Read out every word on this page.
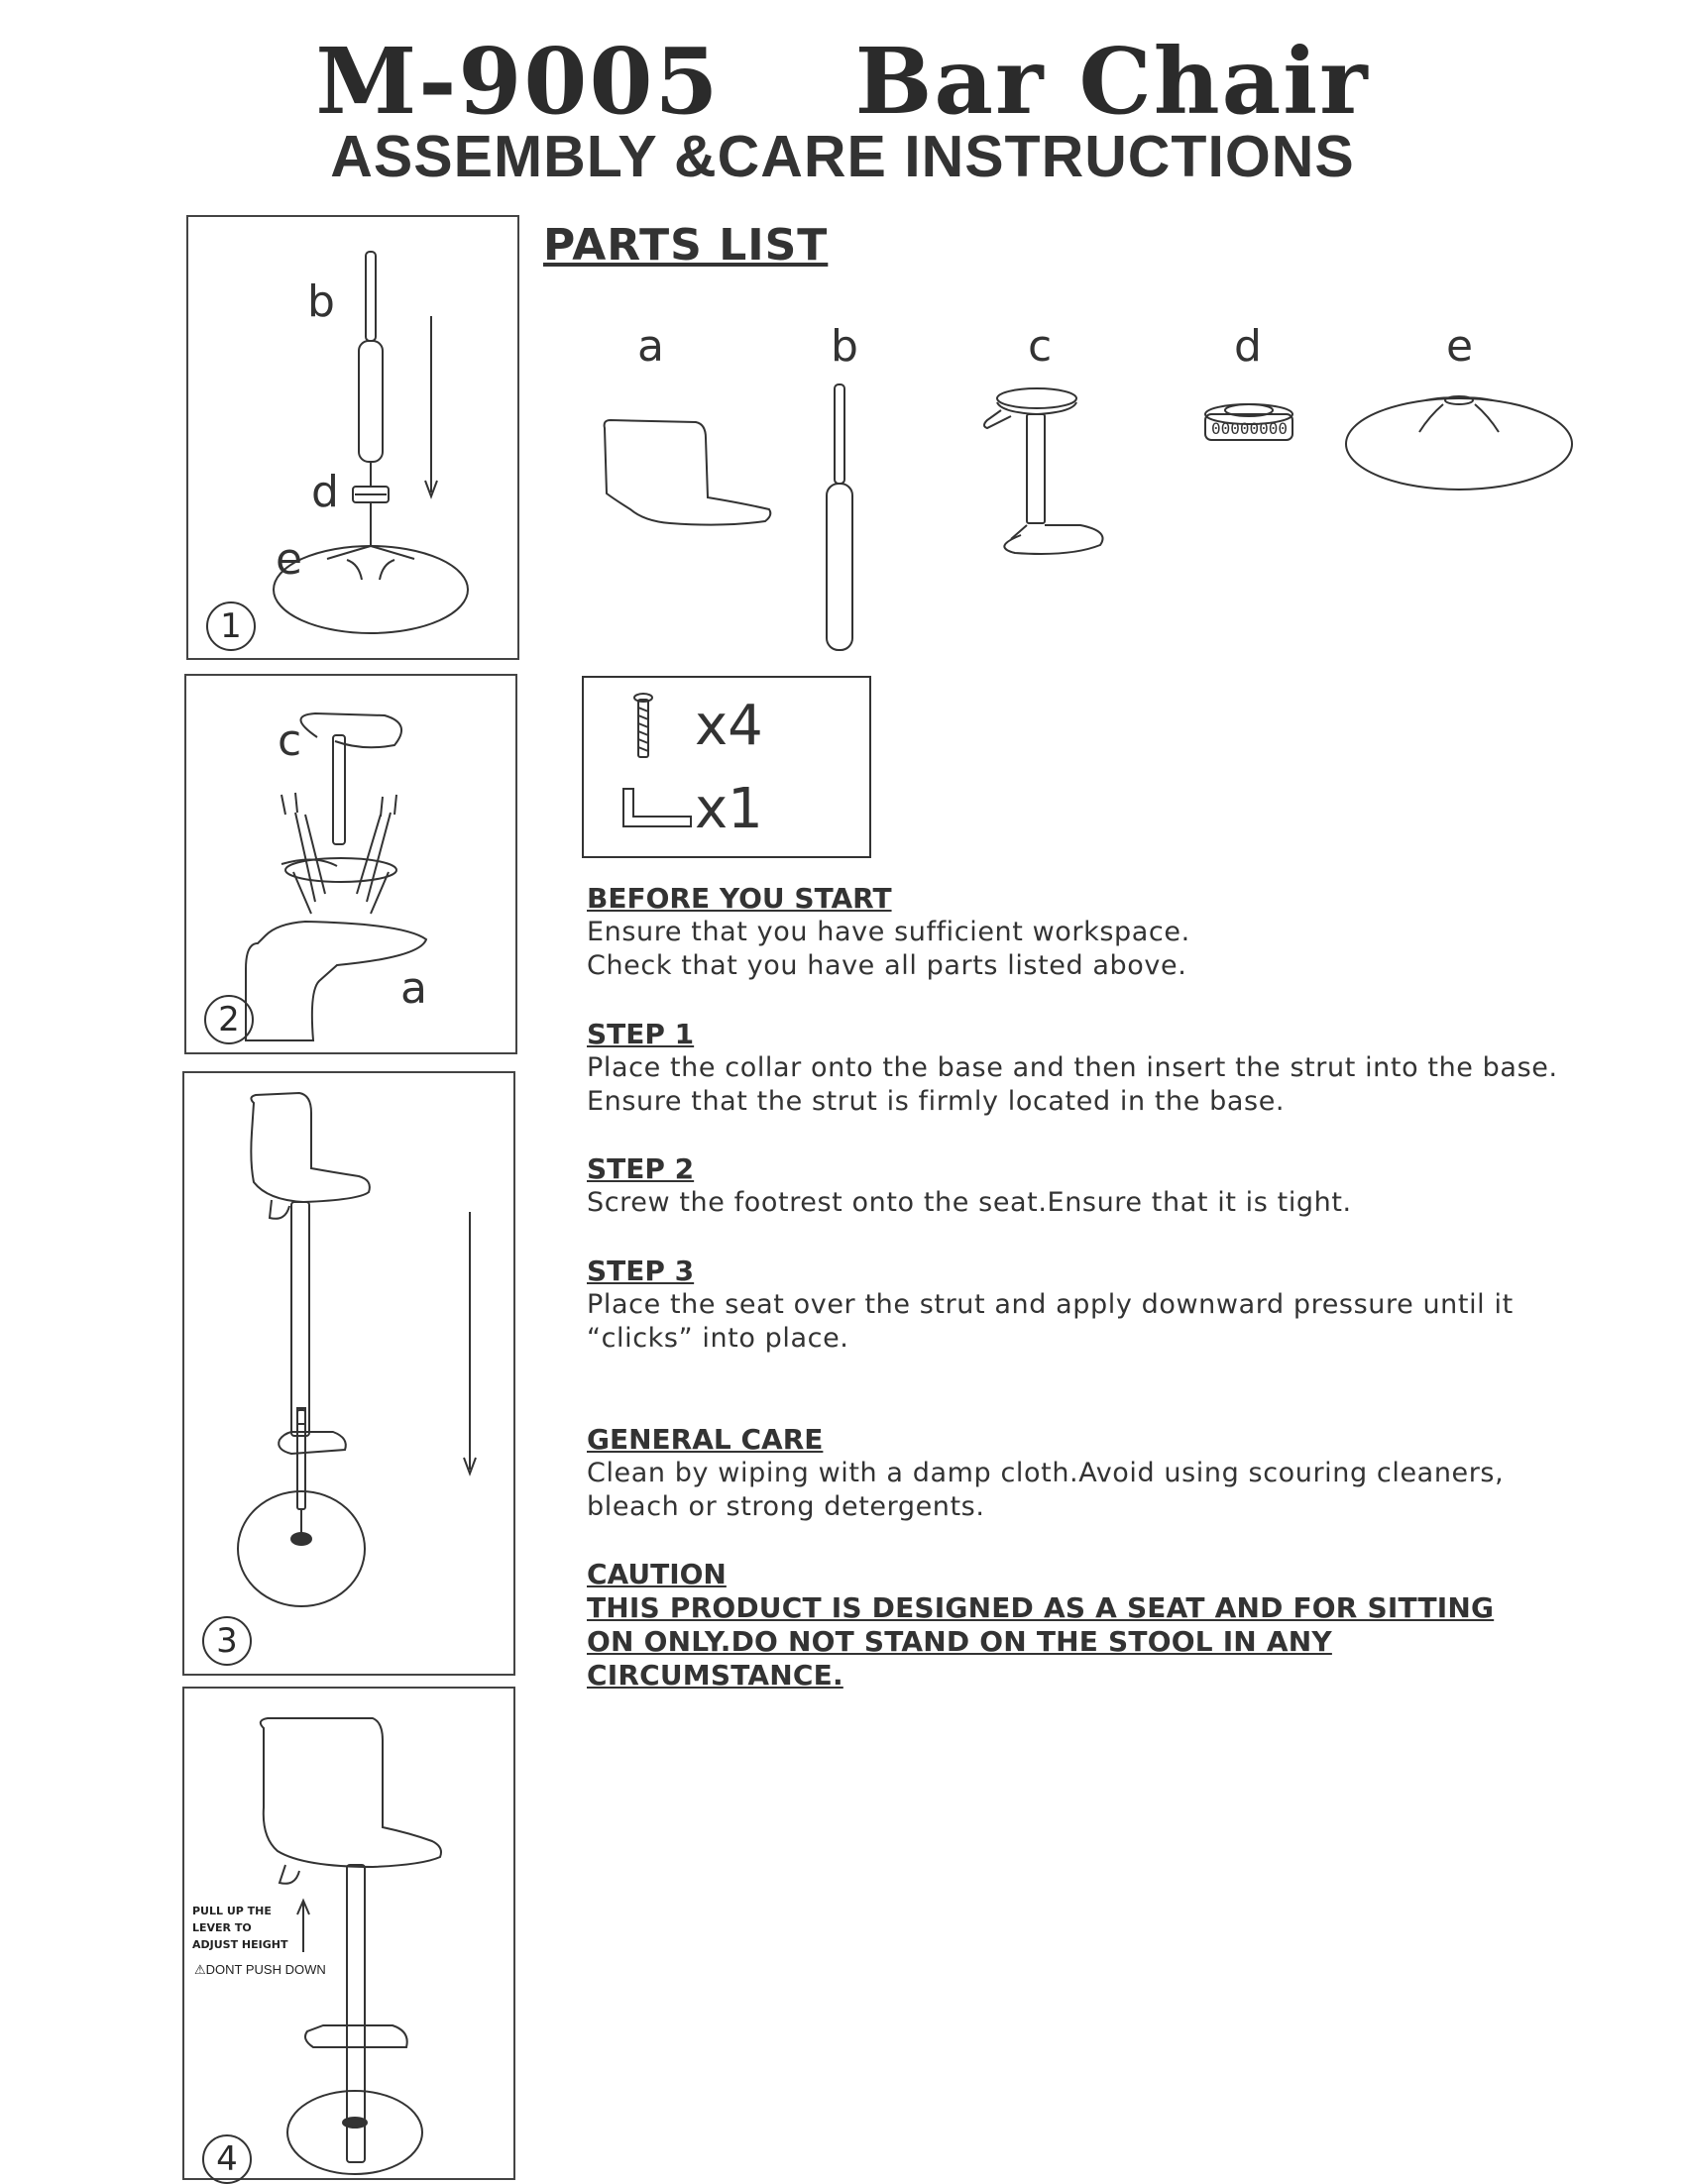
M-9005 Bar Chair
ASSEMBLY &CARE INSTRUCTIONS
b
d
e
1
c
a
2
3
PULL UP THE
LEVER TO
ADJUST HEIGHT
⚠DONT PUSH DOWN
4
PARTS LIST
a	b	c	d	e
00000000
x4
x1
BEFORE YOU START

Ensure that you have sufficient workspace.
Check that you have all parts listed above.

STEP 1

Place the collar onto the base and then insert the strut into the base.
Ensure that the strut is firmly located in the base.

STEP 2

Screw the footrest onto the seat.Ensure that it is tight.

STEP 3

Place the seat over the strut and apply downward pressure until it
“clicks” into place.

GENERAL CARE

Clean by wiping with a damp cloth.Avoid using scouring cleaners,
bleach or strong detergents.

CAUTION

THIS PRODUCT IS DESIGNED AS A SEAT AND FOR SITTING ON ONLY.DO NOT STAND ON THE STOOL IN ANY CIRCUMSTANCE.
